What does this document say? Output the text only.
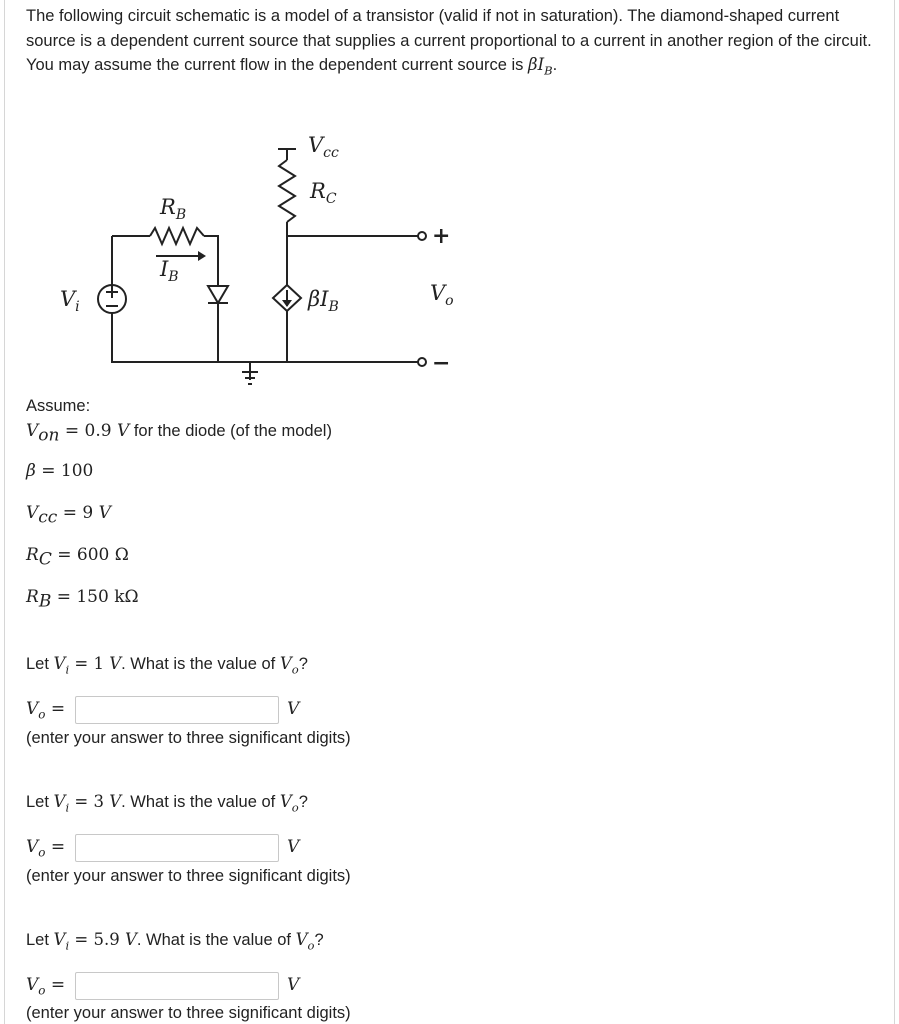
The following circuit schematic is a model of a transistor (valid if not in saturation). The diamond-shaped current source is a dependent current source that supplies a current proportional to a current in another region of the circuit. You may assume the current flow in the dependent current source is $\beta I_B$.

$V_{cc}$
$R_C$
$R_B$
$I_B$
$V_i$	$\beta I_B$
$V_o$
+
−
Assume:
$V_{on} = 0.9$ V for the diode (of the model)
β = 100
$V_{cc} = 9$ V
$R_C = 600$ Ω
$R_B = 150$ kΩ
Let $V_i = 1$ V. What is the value of $V_o$?
$V_o$ =	V
(enter your answer to three significant digits)
Let $V_i = 3$ V. What is the value of $V_o$?
$V_o$ =	V
(enter your answer to three significant digits)
Let $V_i = 5.9$ V. What is the value of $V_o$?
$V_o$ =	V
(enter your answer to three significant digits)
